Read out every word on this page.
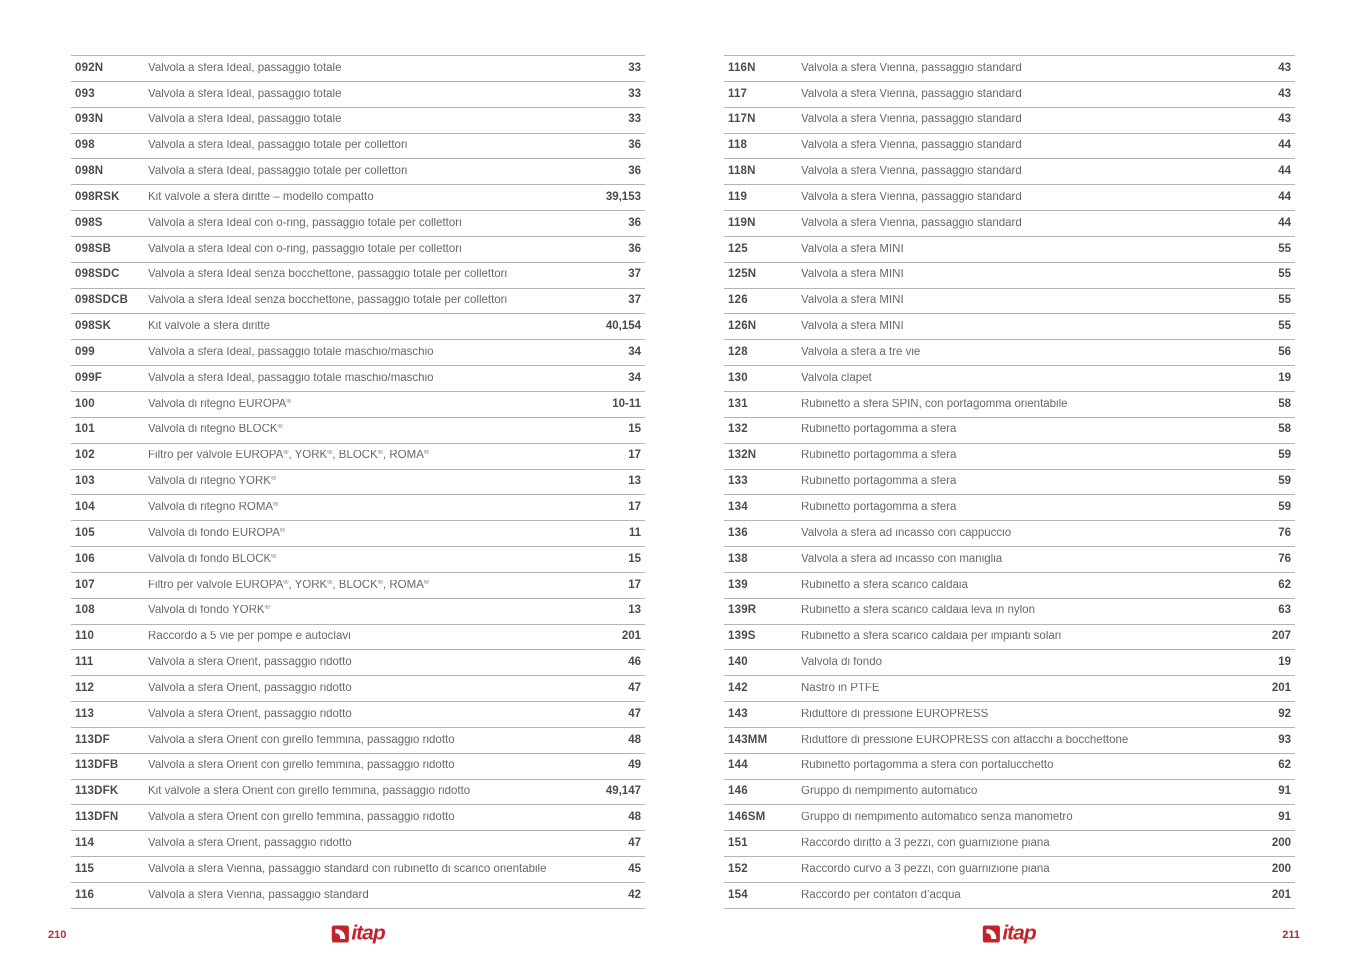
092N	Valvola a sfera Ideal, passaggio totale	33
093	Valvola a sfera Ideal, passaggio totale	33
093N	Valvola a sfera Ideal, passaggio totale	33
098	Valvola a sfera Ideal, passaggio totale per collettori	36
098N	Valvola a sfera Ideal, passaggio totale per collettori	36
098RSK	Kit valvole a sfera diritte – modello compatto	39,153
098S	Valvola a sfera Ideal con o-ring, passaggio totale per collettori	36
098SB	Valvola a sfera Ideal con o-ring, passaggio totale per collettori	36
098SDC	Valvola a sfera Ideal senza bocchettone, passaggio totale per collettori	37
098SDCB	Valvola a sfera Ideal senza bocchettone, passaggio totale per collettori	37
098SK	Kit valvole a sfera diritte	40,154
099	Valvola a sfera Ideal, passaggio totale maschio/maschio	34
099F	Valvola a sfera Ideal, passaggio totale maschio/maschio	34
100	Valvola di ritegno EUROPA®	10-11
101	Valvola di ritegno BLOCK®	15
102	Filtro per valvole EUROPA®, YORK®, BLOCK®, ROMA®	17
103	Valvola di ritegno YORK®	13
104	Valvola di ritegno ROMA®	17
105	Valvola di fondo EUROPA®	11
106	Valvola di fondo BLOCK®	15
107	Filtro per valvole EUROPA®, YORK®, BLOCK®, ROMA®	17
108	Valvola di fondo YORK®	13
110	Raccordo a 5 vie per pompe e autoclavi	201
111	Valvola a sfera Orient, passaggio ridotto	46
112	Valvola a sfera Orient, passaggio ridotto	47
113	Valvola a sfera Orient, passaggio ridotto	47
113DF	Valvola a sfera Orient con girello femmina, passaggio ridotto	48
113DFB	Valvola a sfera Orient con girello femmina, passaggio ridotto	49
113DFK	Kit valvole a sfera Orient con girello femmina, passaggio ridotto	49,147
113DFN	Valvola a sfera Orient con girello femmina, passaggio ridotto	48
114	Valvola a sfera Orient, passaggio ridotto	47
115	Valvola a sfera Vienna, passaggio standard con rubinetto di scarico orientabile	45
116	Valvola a sfera Vienna, passaggio standard	42
116N	Valvola a sfera Vienna, passaggio standard	43
117	Valvola a sfera Vienna, passaggio standard	43
117N	Valvola a sfera Vienna, passaggio standard	43
118	Valvola a sfera Vienna, passaggio standard	44
118N	Valvola a sfera Vienna, passaggio standard	44
119	Valvola a sfera Vienna, passaggio standard	44
119N	Valvola a sfera Vienna, passaggio standard	44
125	Valvola a sfera MINI	55
125N	Valvola a sfera MINI	55
126	Valvola a sfera MINI	55
126N	Valvola a sfera MINI	55
128	Valvola a sfera a tre vie	56
130	Valvola clapet	19
131	Rubinetto a sfera SPIN, con portagomma orientabile	58
132	Rubinetto portagomma a sfera	58
132N	Rubinetto portagomma a sfera	59
133	Rubinetto portagomma a sfera	59
134	Rubinetto portagomma a sfera	59
136	Valvola a sfera ad incasso con cappuccio	76
138	Valvola a sfera ad incasso con maniglia	76
139	Rubinetto a sfera scarico caldaia	62
139R	Rubinetto a sfera scarico caldaia leva in nylon	63
139S	Rubinetto a sfera scarico caldaia per impianti solari	207
140	Valvola di fondo	19
142	Nastro in PTFE	201
143	Riduttore di pressione EUROPRESS	92
143MM	Riduttore di pressione EUROPRESS con attacchi a bocchettone	93
144	Rubinetto portagomma a sfera con portalucchetto	62
146	Gruppo di riempimento automatico	91
146SM	Gruppo di riempimento automatico senza manometro	91
151	Raccordo diritto a 3 pezzi, con guarnizione piana	200
152	Raccordo curvo a 3 pezzi, con guarnizione piana	200
154	Raccordo per contatori d’acqua	201
210	itap	itap	211
